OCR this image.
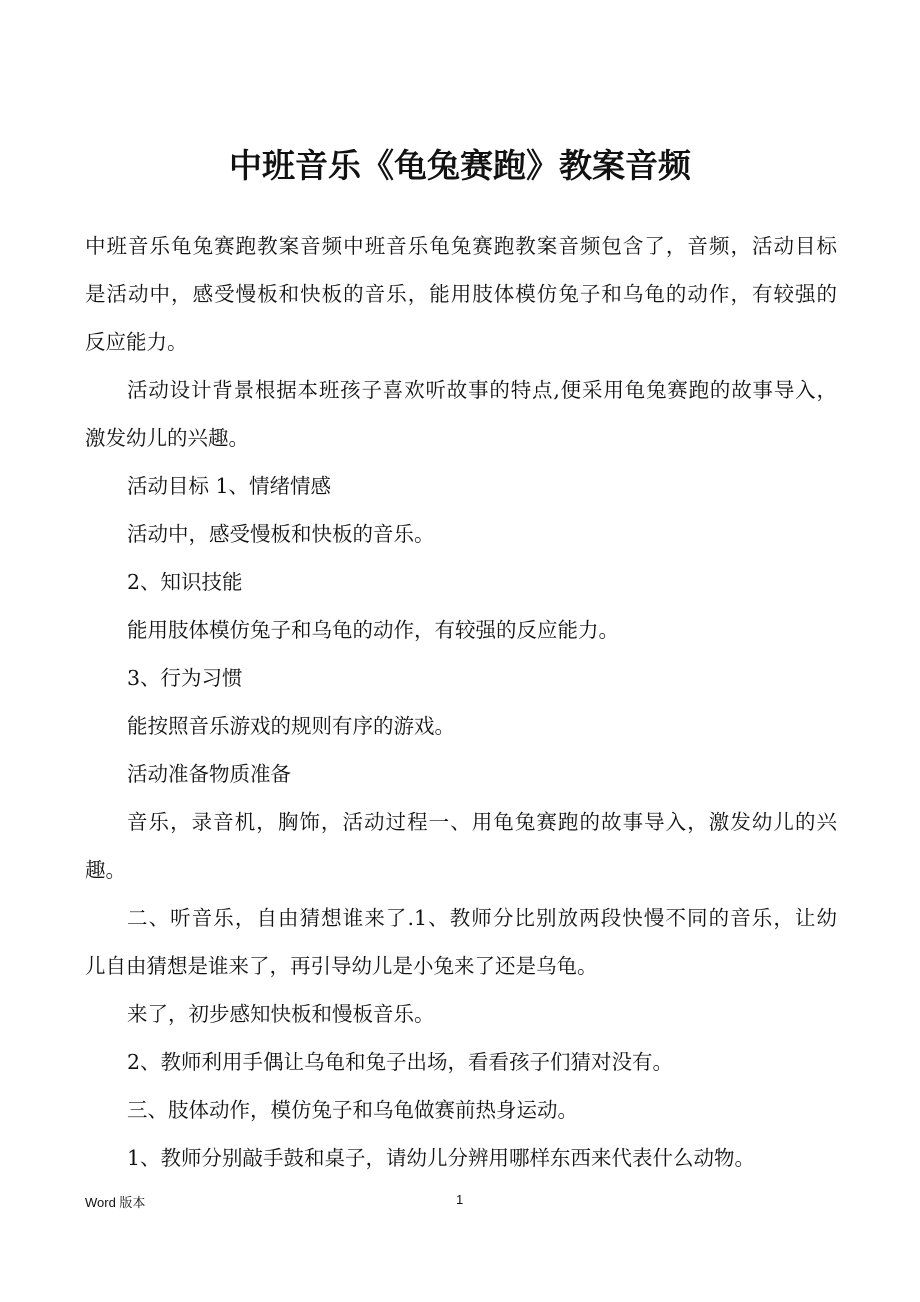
中班音乐《龟兔赛跑》教案音频
中班音乐龟兔赛跑教案音频中班音乐龟兔赛跑教案音频包含了，音频，活动目标
是活动中，感受慢板和快板的音乐，能用肢体模仿兔子和乌龟的动作，有较强的
反应能力。
活动设计背景根据本班孩子喜欢听故事的特点,便采用龟兔赛跑的故事导入，
激发幼儿的兴趣。
活动目标 1、情绪情感
活动中，感受慢板和快板的音乐。
2、知识技能
能用肢体模仿兔子和乌龟的动作，有较强的反应能力。
3、行为习惯
能按照音乐游戏的规则有序的游戏。
活动准备物质准备
音乐，录音机，胸饰，活动过程一、用龟兔赛跑的故事导入，激发幼儿的兴
趣。
二、听音乐，自由猜想谁来了.1、教师分比别放两段快慢不同的音乐，让幼
儿自由猜想是谁来了，再引导幼儿是小兔来了还是乌龟。
来了，初步感知快板和慢板音乐。
2、教师利用手偶让乌龟和兔子出场，看看孩子们猜对没有。
三、肢体动作，模仿兔子和乌龟做赛前热身运动。
1、教师分别敲手鼓和桌子，请幼儿分辨用哪样东西来代表什么动物。
Word 版本	1
